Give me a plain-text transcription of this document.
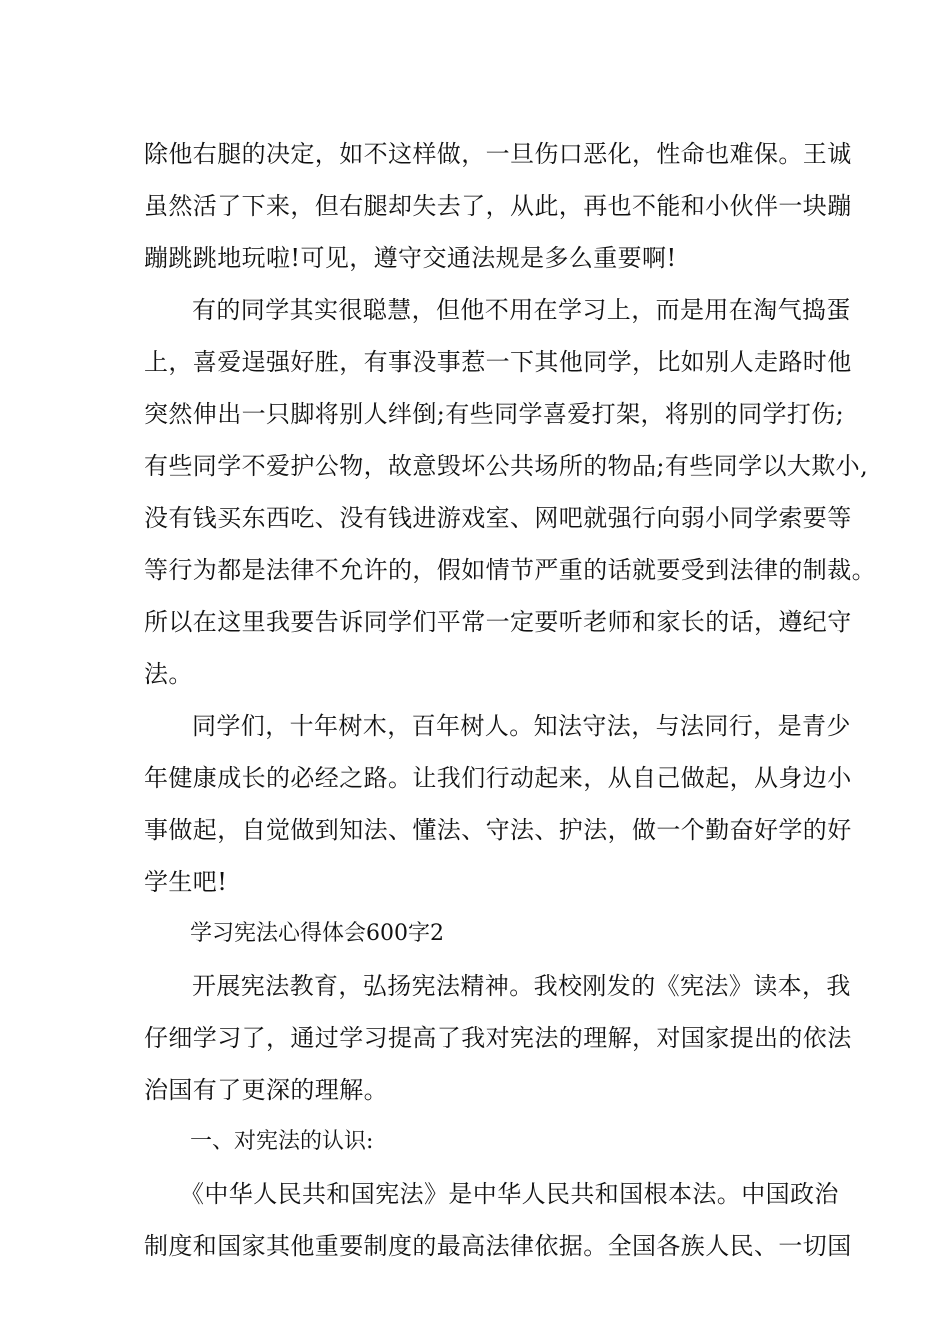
除他右腿的决定，如不这样做，一旦伤口恶化，性命也难保。王诚
虽然活了下来，但右腿却失去了，从此，再也不能和小伙伴一块蹦
蹦跳跳地玩啦!可见，遵守交通法规是多么重要啊!

有的同学其实很聪慧，但他不用在学习上，而是用在淘气捣蛋
上，喜爱逞强好胜，有事没事惹一下其他同学，比如别人走路时他
突然伸出一只脚将别人绊倒;有些同学喜爱打架，将别的同学打伤;
有些同学不爱护公物，故意毁坏公共场所的物品;有些同学以大欺小,
没有钱买东西吃、没有钱进游戏室、网吧就强行向弱小同学索要等
等行为都是法律不允许的，假如情节严重的话就要受到法律的制裁。
所以在这里我要告诉同学们平常一定要听老师和家长的话，遵纪守
法。

同学们，十年树木，百年树人。知法守法，与法同行，是青少
年健康成长的必经之路。让我们行动起来，从自己做起，从身边小
事做起，自觉做到知法、懂法、守法、护法，做一个勤奋好学的好
学生吧!

学习宪法心得体会600字2

开展宪法教育，弘扬宪法精神。我校刚发的《宪法》读本，我
仔细学习了，通过学习提高了我对宪法的理解，对国家提出的依法
治国有了更深的理解。

一、对宪法的认识:

《中华人民共和国宪法》是中华人民共和国根本法。中国政治
制度和国家其他重要制度的最高法律依据。全国各族人民、一切国
